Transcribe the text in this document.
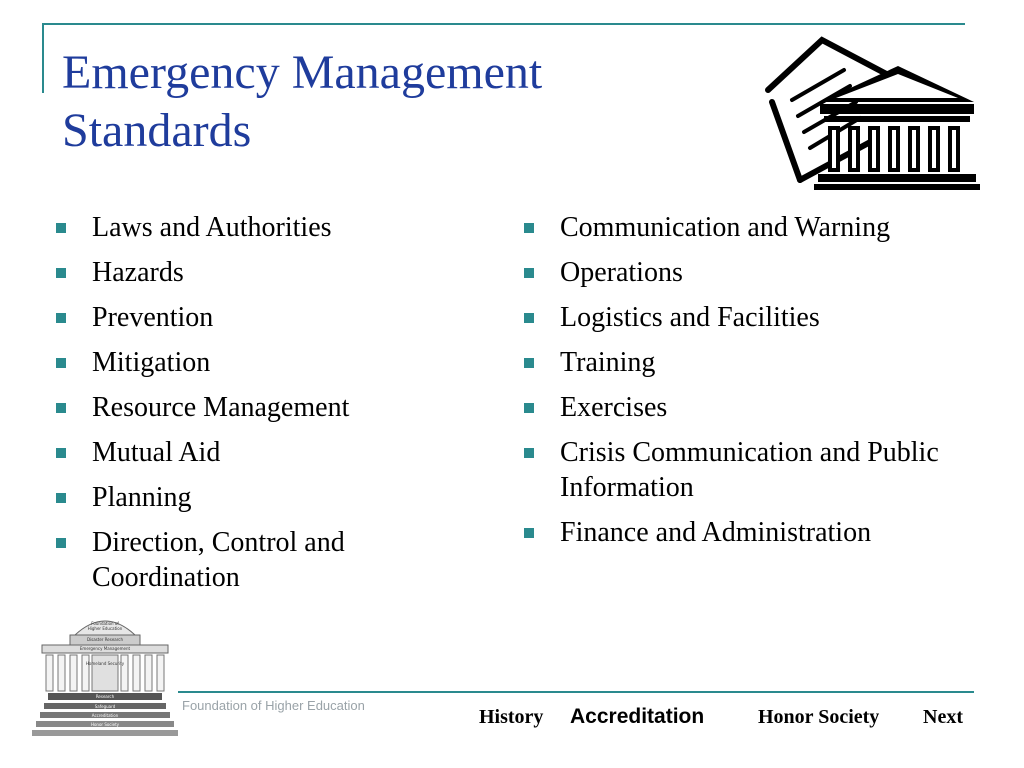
Emergency Management
Standards
Laws and Authorities
Hazards
Prevention
Mitigation
Resource Management
Mutual Aid
Planning
Direction, Control and Coordination
Communication and Warning
Operations
Logistics and Facilities
Training
Exercises
Crisis Communication and Public Information
Finance and Administration
Foundation of
Higher Education
Disaster Research
Emergency Management
Homeland Security
Research
Safeguard
Accreditation
Honor Society
Foundation of Higher Education
History Accreditation	Honor Society Next
